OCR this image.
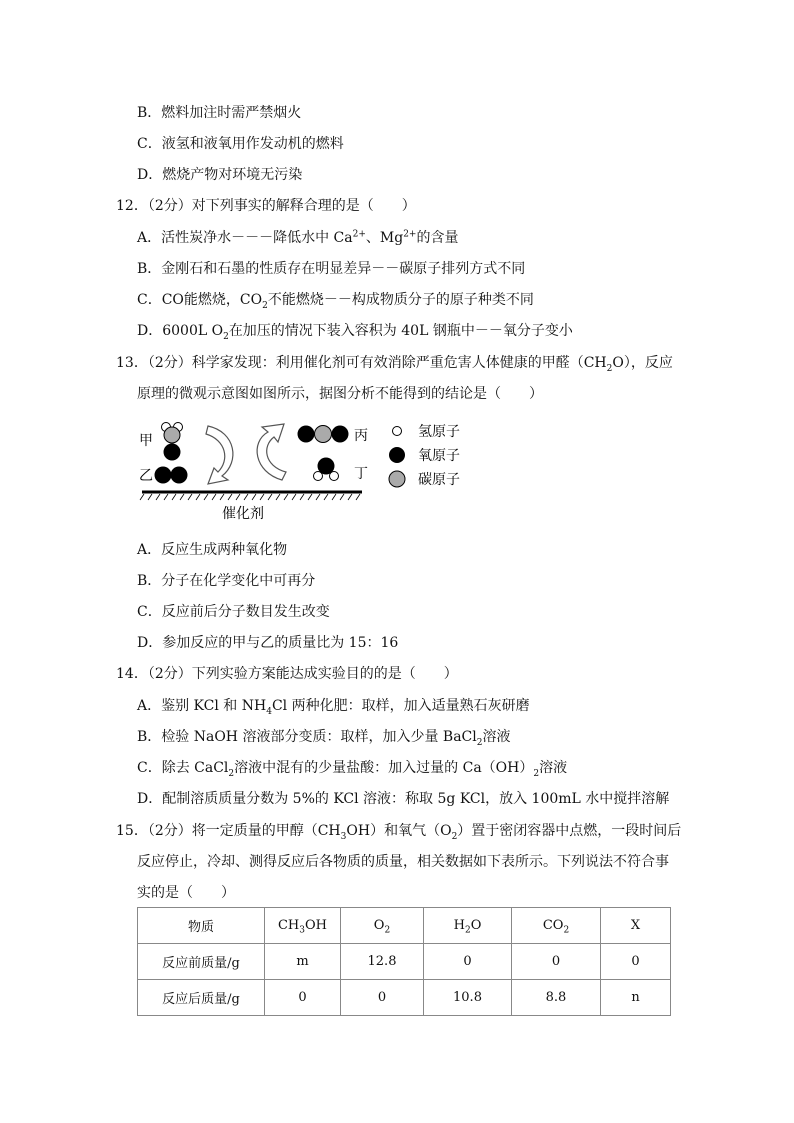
B．燃料加注时需严禁烟火
C．液氢和液氧用作发动机的燃料
D．燃烧产物对环境无污染
12．（2分）对下列事实的解释合理的是（　　）
A．活性炭净水－－－降低水中 $Ca^{2+}$、$Mg^{2+}$的含量
B．金刚石和石墨的性质存在明显差异－－碳原子排列方式不同
C．CO能燃烧，$CO_2$不能燃烧－－构成物质分子的原子种类不同
D．6000L $O_2$在加压的情况下装入容积为 40L 钢瓶中－－氧分子变小
13．（2分）科学家发现：利用催化剂可有效消除严重危害人体健康的甲醛$(CH_2O)$，反应
原理的微观示意图如图所示，据图分析不能得到的结论是（　　）
甲
乙
丙
丁
氢原子
氧原子
碳原子
催化剂
A．反应生成两种氧化物
B．分子在化学变化中可再分
C．反应前后分子数目发生改变
D．参加反应的甲与乙的质量比为 15：16
14．（2分）下列实验方案能达成实验目的的是（　　）
A．鉴别 KCl 和 $NH_4Cl$ 两种化肥：取样，加入适量熟石灰研磨
B．检验 NaOH 溶液部分变质：取样，加入少量 BaCl$_2$溶液
C．除去 CaCl$_2$溶液中混有的少量盐酸：加入过量的 $Ca(OH)_2$溶液
D．配制溶质质量分数为 5%的 KCl 溶液：称取 5g KCl，放入 100mL 水中搅拌溶解
15．（2分）将一定质量的甲醇$(CH_3OH)$和氧气$(O_2)$置于密闭容器中点燃，一段时间后
反应停止，冷却、测得反应后各物质的质量，相关数据如下表所示。下列说法不符合事
实的是（　　）
物质	$CH_3OH$	$O_2$	$H_2O$	$CO_2$	X
反应前质量/g	m	12.8	0	0	0
反应后质量/g	0	0	10.8	8.8	n
